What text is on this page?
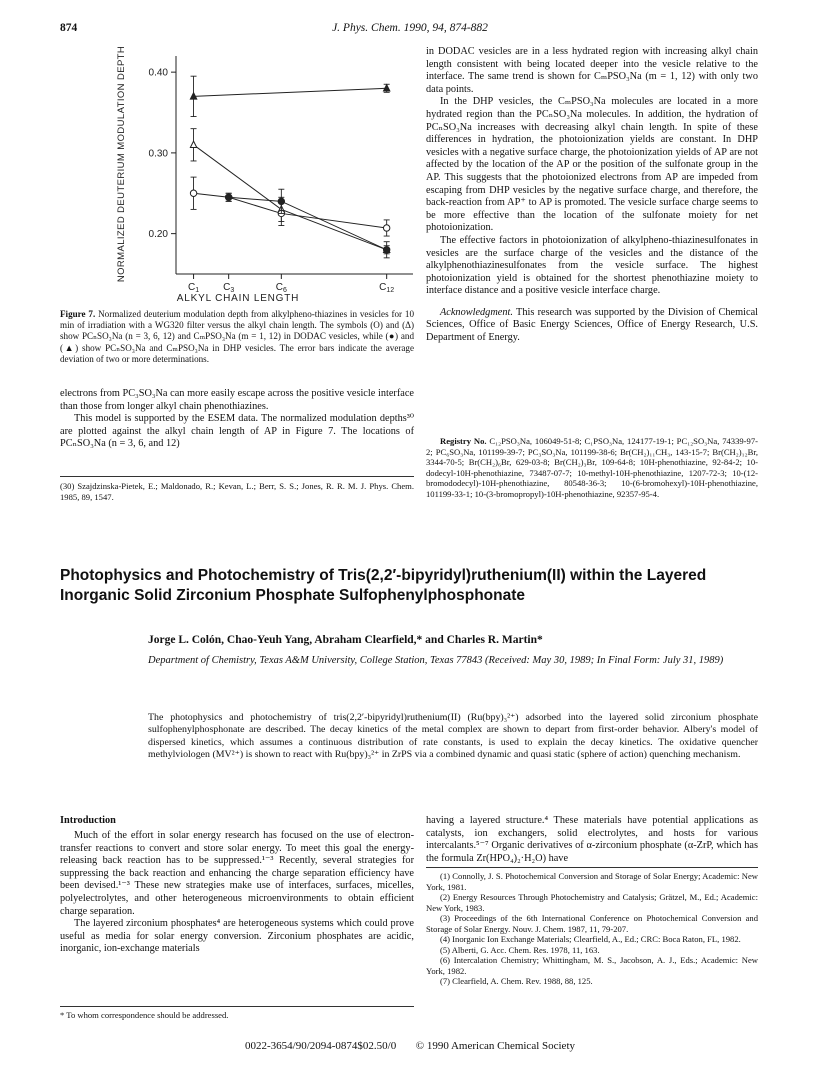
874	J. Phys. Chem. 1990, 94, 874-882
0.40
0.30
0.20
$C_1$ $C_3$	$C_6$	$C_{12}$
NORMALIZED DEUTERIUM MODULATION DEPTH
ALKYL CHAIN LENGTH
Figure 7. Normalized deuterium modulation depth from alkylpheno-thiazines in vesicles for 10 min of irradiation with a WG320 filter versus the alkyl chain length. The symbols (O) and (Δ) show PCₙSO₃Na (n = 3, 6, 12) and CₘPSO₃Na (m = 1, 12) in DODAC vesicles, while (●) and (▲) show PCₙSO₃Na and CₘPSO₃Na in DHP vesicles. The error bars indicate the average deviation of two or more determinations.

electrons from PC₃SO₃Na can more easily escape across the positive vesicle interface than those from longer alkyl chain phenothiazines.

This model is supported by the ESEM data. The normalized modulation depths³⁰ are plotted against the alkyl chain length of AP in Figure 7. The locations of PCₙSO₃Na (n = 3, 6, and 12)

(30) Szajdzinska-Pietek, E.; Maldonado, R.; Kevan, L.; Berr, S. S.; Jones, R. R. M. J. Phys. Chem. 1985, 89, 1547.

in DODAC vesicles are in a less hydrated region with increasing alkyl chain length consistent with being located deeper into the vesicle relative to the interface. The same trend is shown for CₘPSO₃Na (m = 1, 12) with only two data points.

In the DHP vesicles, the CₘPSO₃Na molecules are located in a more hydrated region than the PCₙSO₃Na molecules. In addition, the hydration of PCₙSO₃Na increases with decreasing alkyl chain length. In spite of these differences in hydration, the photoionization yields are constant. In DHP vesicles with a negative surface charge, the photoionization yields of AP are not affected by the location of the AP or the position of the sulfonate group in the AP. This suggests that the photoionized electrons from AP are impeded from escaping from DHP vesicles by the negative surface charge, and therefore, the back-reaction from AP⁺ to AP is promoted. The vesicle surface charge seems to be more effective than the location of the sulfonate moiety for net photoionization.

The effective factors in photoionization of alkylpheno-thiazinesulfonates in vesicles are the surface charge of the vesicles and the distance of the alkylphenothiazinesulfonates from the vesicle surface. The highest photoionization yield is obtained for the shortest phenothiazine moiety to interface distance and a positive vesicle interface charge.

Acknowledgment. This research was supported by the Division of Chemical Sciences, Office of Basic Energy Sciences, Office of Energy Research, U.S. Department of Energy.

Registry No. C₁₂PSO₃Na, 106049-51-8; C₁PSO₃Na, 124177-19-1; PC₁₂SO₃Na, 74339-97-2; PC₆SO₃Na, 101199-39-7; PC₃SO₃Na, 101199-38-6; Br(CH₂)₁₁CH₃, 143-15-7; Br(CH₂)₁₂Br, 3344-70-5; Br(CH₂)₆Br, 629-03-8; Br(CH₂)₃Br, 109-64-8; 10H-phenothiazine, 92-84-2; 10-dodecyl-10H-phenothiazine, 73487-07-7; 10-methyl-10H-phenothiazine, 1207-72-3; 10-(12-bromododecyl)-10H-phenothiazine, 80548-36-3; 10-(6-bromohexyl)-10H-phenothiazine, 101199-33-1; 10-(3-bromopropyl)-10H-phenothiazine, 92357-95-4.
Photophysics and Photochemistry of Tris(2,2′-bipyridyl)ruthenium(II) within the Layered Inorganic Solid Zirconium Phosphate Sulfophenylphosphonate
Jorge L. Colón, Chao-Yeuh Yang, Abraham Clearfield,* and Charles R. Martin*
Department of Chemistry, Texas A&M University, College Station, Texas 77843 (Received: May 30, 1989; In Final Form: July 31, 1989)
The photophysics and photochemistry of tris(2,2′-bipyridyl)ruthenium(II) (Ru(bpy)₃²⁺) adsorbed into the layered solid zirconium phosphate sulfophenylphosphonate are described. The decay kinetics of the metal complex are shown to depart from first-order behavior. Albery's model of dispersed kinetics, which assumes a continuous distribution of rate constants, is used to explain the decay kinetics. The oxidative quencher methylviologen (MV²⁺) is shown to react with Ru(bpy)₃²⁺ in ZrPS via a combined dynamic and quasi static (sphere of action) quenching mechanism.
Introduction

Much of the effort in solar energy research has focused on the use of electron-transfer reactions to convert and store solar energy. To meet this goal the energy-releasing back reaction has to be suppressed.¹⁻³ Recently, several strategies for suppressing the back reaction and enhancing the charge separation efficiency have been devised.¹⁻³ These new strategies make use of interfaces, surfaces, micelles, polyelectrolytes, and other heterogeneous microenvironments to obtain efficient charge separation.

The layered zirconium phosphates⁴ are heterogeneous systems which could prove useful as media for solar energy conversion. Zirconium phosphates are acidic, inorganic, ion-exchange materials

* To whom correspondence should be addressed.
having a layered structure.⁴ These materials have potential applications as catalysts, ion exchangers, solid electrolytes, and hosts for various intercalants.⁵⁻⁷ Organic derivatives of α-zirconium phosphate (α-ZrP, which has the formula Zr(HPO₄)₂·H₂O) have

(1) Connolly, J. S. Photochemical Conversion and Storage of Solar Energy; Academic: New York, 1981.

(2) Energy Resources Through Photochemistry and Catalysis; Grätzel, M., Ed.; Academic: New York, 1983.

(3) Proceedings of the 6th International Conference on Photochemical Conversion and Storage of Solar Energy. Nouv. J. Chem. 1987, 11, 79-207.

(4) Inorganic Ion Exchange Materials; Clearfield, A., Ed.; CRC: Boca Raton, FL, 1982.

(5) Alberti, G. Acc. Chem. Res. 1978, 11, 163.

(6) Intercalation Chemistry; Whittingham, M. S., Jacobson, A. J., Eds.; Academic: New York, 1982.

(7) Clearfield, A. Chem. Rev. 1988, 88, 125.

0022-3654/90/2094-0874$02.50/0 © 1990 American Chemical Society
